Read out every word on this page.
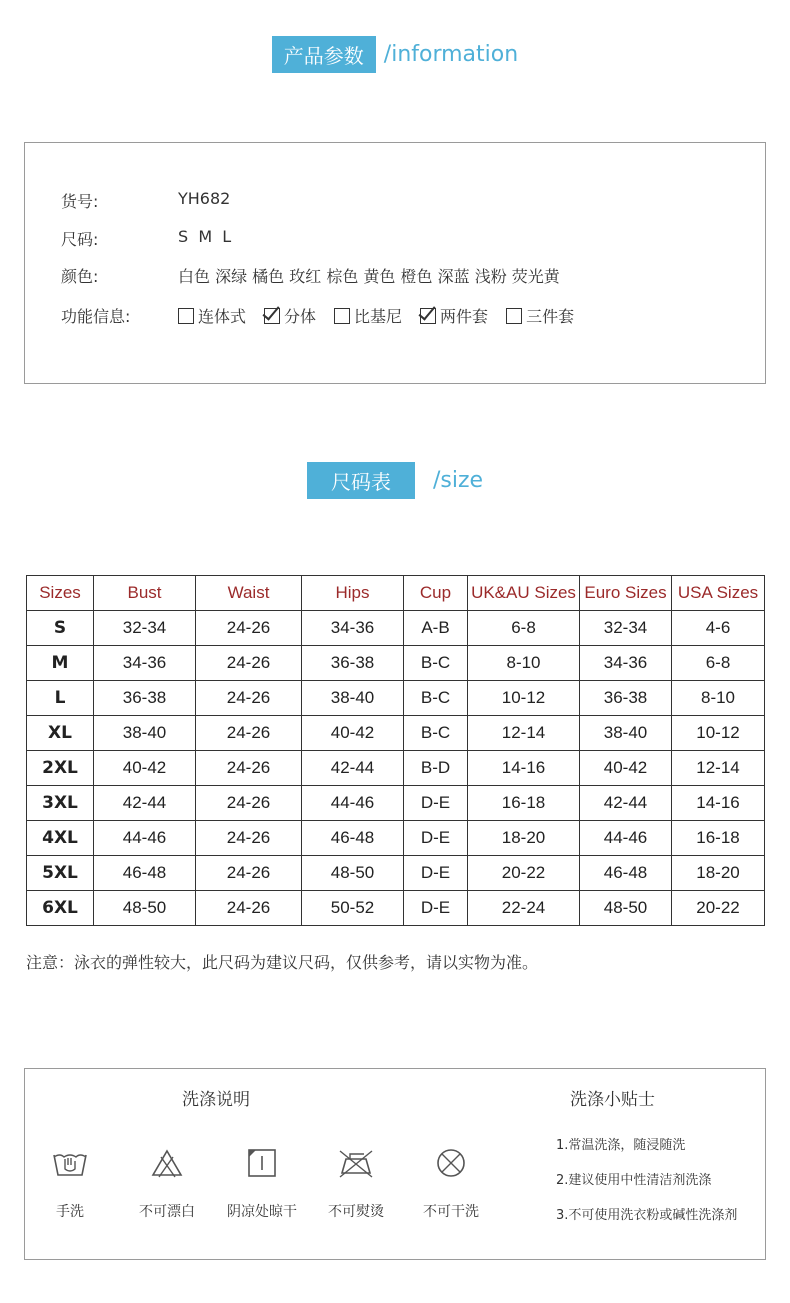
产品参数 /information
货号:	YH682
尺码:	S  M  L
颜色:	白色 深绿 橘色 玫红 棕色 黄色 橙色 深蓝 浅粉 荧光黄
功能信息:	连体式 分体 比基尼 两件套 三件套
尺码表 /size
Sizes	Bust	Waist	Hips	Cup	UK&AU Sizes	Euro Sizes	USA Sizes
S	32-34	24-26	34-36	A-B	6-8	32-34	4-6
M	34-36	24-26	36-38	B-C	8-10	34-36	6-8
L	36-38	24-26	38-40	B-C	10-12	36-38	8-10
XL	38-40	24-26	40-42	B-C	12-14	38-40	10-12
2XL	40-42	24-26	42-44	B-D	14-16	40-42	12-14
3XL	42-44	24-26	44-46	D-E	16-18	42-44	14-16
4XL	44-46	24-26	46-48	D-E	18-20	44-46	16-18
5XL	46-48	24-26	48-50	D-E	20-22	46-48	18-20
6XL	48-50	24-26	50-52	D-E	22-24	48-50	20-22
注意：泳衣的弹性较大，此尺码为建议尺码，仅供参考，请以实物为准。
洗涤说明	洗涤小贴士
手洗	不可漂白	阴凉处晾干	不可熨烫	不可干洗
1.常温洗涤，随浸随洗
2.建议使用中性清洁剂洗涤
3.不可使用洗衣粉或碱性洗涤剂
